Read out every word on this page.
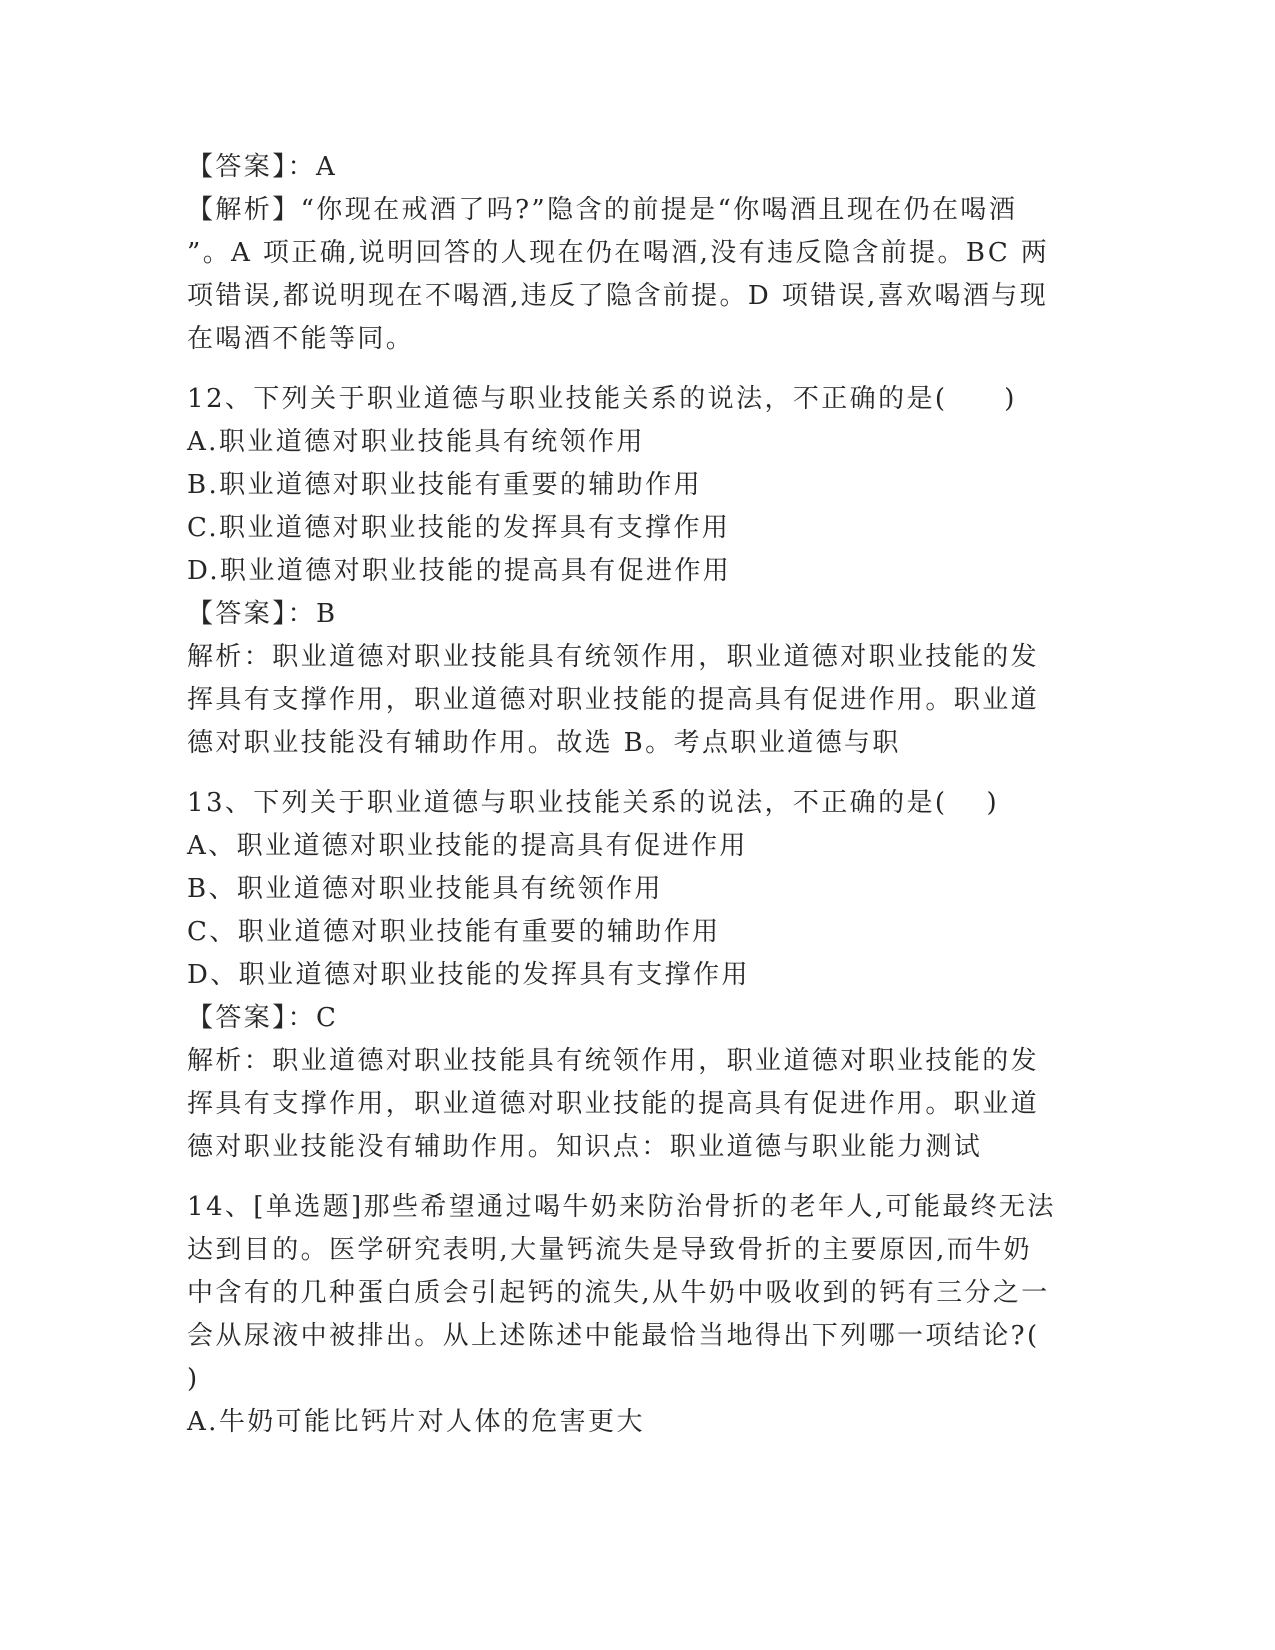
【答案】：A
【解析】“你现在戒酒了吗?”隐含的前提是“你喝酒且现在仍在喝酒
”。A 项正确,说明回答的人现在仍在喝酒,没有违反隐含前提。BC 两
项错误,都说明现在不喝酒,违反了隐含前提。D 项错误,喜欢喝酒与现
在喝酒不能等同。
12、下列关于职业道德与职业技能关系的说法，不正确的是(　　)
A.职业道德对职业技能具有统领作用
B.职业道德对职业技能有重要的辅助作用
C.职业道德对职业技能的发挥具有支撑作用
D.职业道德对职业技能的提高具有促进作用
【答案】：B
解析：职业道德对职业技能具有统领作用，职业道德对职业技能的发
挥具有支撑作用，职业道德对职业技能的提高具有促进作用。职业道
德对职业技能没有辅助作用。故选 B。考点职业道德与职
13、下列关于职业道德与职业技能关系的说法，不正确的是(　 )
A、职业道德对职业技能的提高具有促进作用
B、职业道德对职业技能具有统领作用
C、职业道德对职业技能有重要的辅助作用
D、职业道德对职业技能的发挥具有支撑作用
【答案】：C
解析：职业道德对职业技能具有统领作用，职业道德对职业技能的发
挥具有支撑作用，职业道德对职业技能的提高具有促进作用。职业道
德对职业技能没有辅助作用。知识点：职业道德与职业能力测试
14、[单选题]那些希望通过喝牛奶来防治骨折的老年人,可能最终无法
达到目的。医学研究表明,大量钙流失是导致骨折的主要原因,而牛奶
中含有的几种蛋白质会引起钙的流失,从牛奶中吸收到的钙有三分之一
会从尿液中被排出。从上述陈述中能最恰当地得出下列哪一项结论?(
)
A.牛奶可能比钙片对人体的危害更大
